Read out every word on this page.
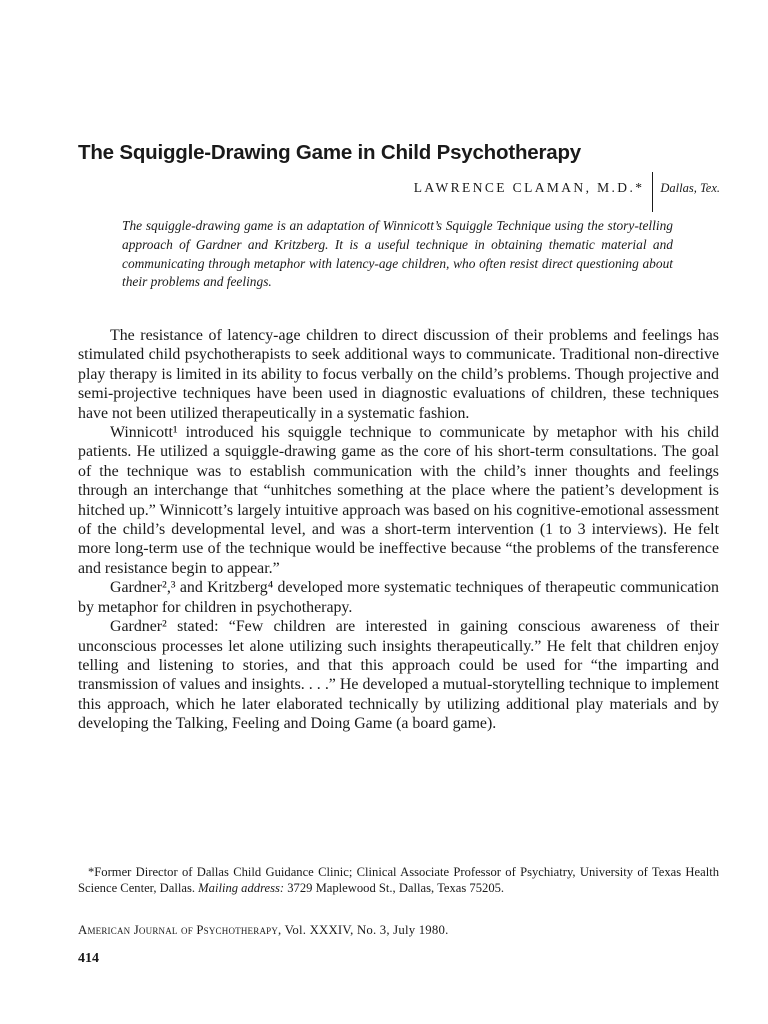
The Squiggle-Drawing Game in Child Psychotherapy
LAWRENCE CLAMAN, M.D.*	Dallas, Tex.

The squiggle-drawing game is an adaptation of Winnicott’s Squiggle Technique using the story-telling approach of Gardner and Kritzberg. It is a useful technique in obtaining thematic material and communicating through metaphor with latency-age children, who often resist direct questioning about their problems and feelings.

The resistance of latency-age children to direct discussion of their problems and feelings has stimulated child psychotherapists to seek additional ways to communicate. Traditional non-directive play therapy is limited in its ability to focus verbally on the child’s problems. Though projective and semi-projective techniques have been used in diagnostic evaluations of children, these techniques have not been utilized therapeutically in a systematic fashion.

Winnicott¹ introduced his squiggle technique to communicate by metaphor with his child patients. He utilized a squiggle-drawing game as the core of his short-term consultations. The goal of the technique was to establish communication with the child’s inner thoughts and feelings through an interchange that “unhitches something at the place where the patient’s development is hitched up.” Winnicott’s largely intuitive approach was based on his cognitive-emotional assessment of the child’s developmental level, and was a short-term intervention (1 to 3 interviews). He felt more long-term use of the technique would be ineffective because “the problems of the transference and resistance begin to appear.”

Gardner²,³ and Kritzberg⁴ developed more systematic techniques of therapeutic communication by metaphor for children in psychotherapy.

Gardner² stated: “Few children are interested in gaining conscious awareness of their unconscious processes let alone utilizing such insights therapeutically.” He felt that children enjoy telling and listening to stories, and that this approach could be used for “the imparting and transmission of values and insights. . . .” He developed a mutual-storytelling technique to implement this approach, which he later elaborated technically by utilizing additional play materials and by developing the Talking, Feeling and Doing Game (a board game).

*Former Director of Dallas Child Guidance Clinic; Clinical Associate Professor of Psychiatry, University of Texas Health Science Center, Dallas. Mailing address: 3729 Maplewood St., Dallas, Texas 75205.

American Journal of Psychotherapy, Vol. XXXIV, No. 3, July 1980.

414
